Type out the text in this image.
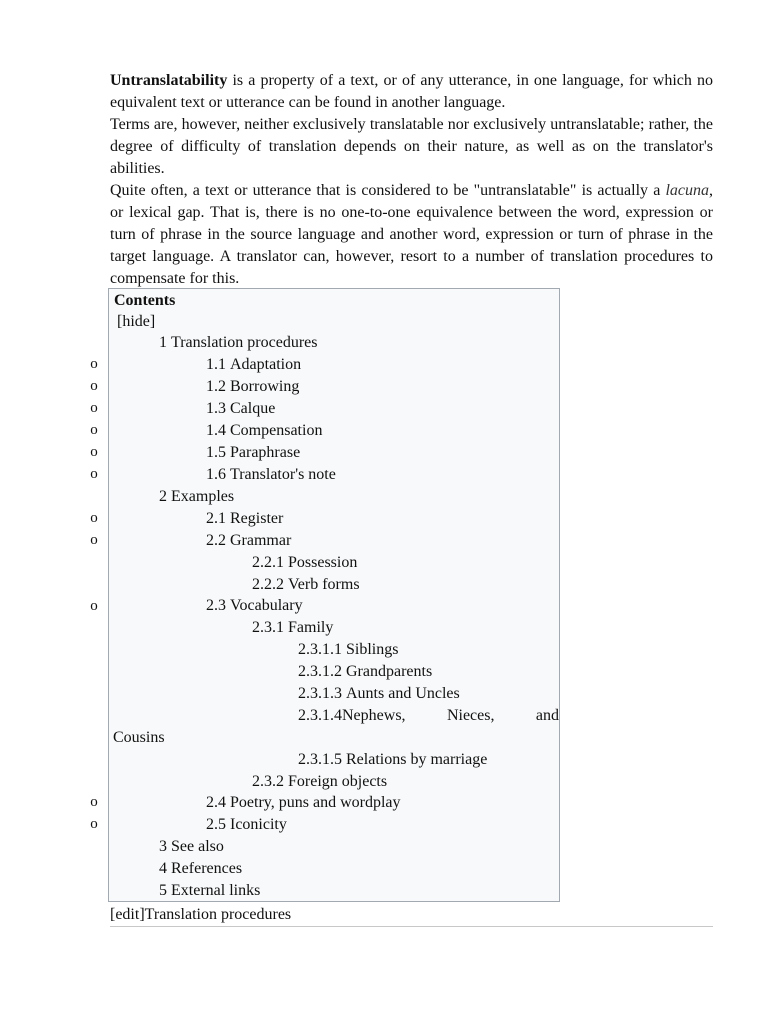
Untranslatability is a property of a text, or of any utterance, in one language, for which no equivalent text or utterance can be found in another language.

Terms are, however, neither exclusively translatable nor exclusively untranslatable; rather, the degree of difficulty of translation depends on their nature, as well as on the translator's abilities.

Quite often, a text or utterance that is considered to be "untranslatable" is actually a lacuna, or lexical gap. That is, there is no one-to-one equivalence between the word, expression or turn of phrase in the source language and another word, expression or turn of phrase in the target language. A translator can, however, resort to a number of translation procedures to compensate for this.

o
o
o
o
o
o
o
o
o
o
o
Contents
[hide]
1 Translation procedures
1.1 Adaptation
1.2 Borrowing
1.3 Calque
1.4 Compensation
1.5 Paraphrase
1.6 Translator's note
2 Examples
2.1 Register
2.2 Grammar
2.2.1 Possession
2.2.2 Verb forms
2.3 Vocabulary
2.3.1 Family
2.3.1.1 Siblings
2.3.1.2 Grandparents
2.3.1.3 Aunts and Uncles
2.3.1.4Nephews,	Nieces,	and
Cousins
2.3.1.5 Relations by marriage
2.3.2 Foreign objects
2.4 Poetry, puns and wordplay
2.5 Iconicity
3 See also
4 References
5 External links
[edit]Translation procedures
